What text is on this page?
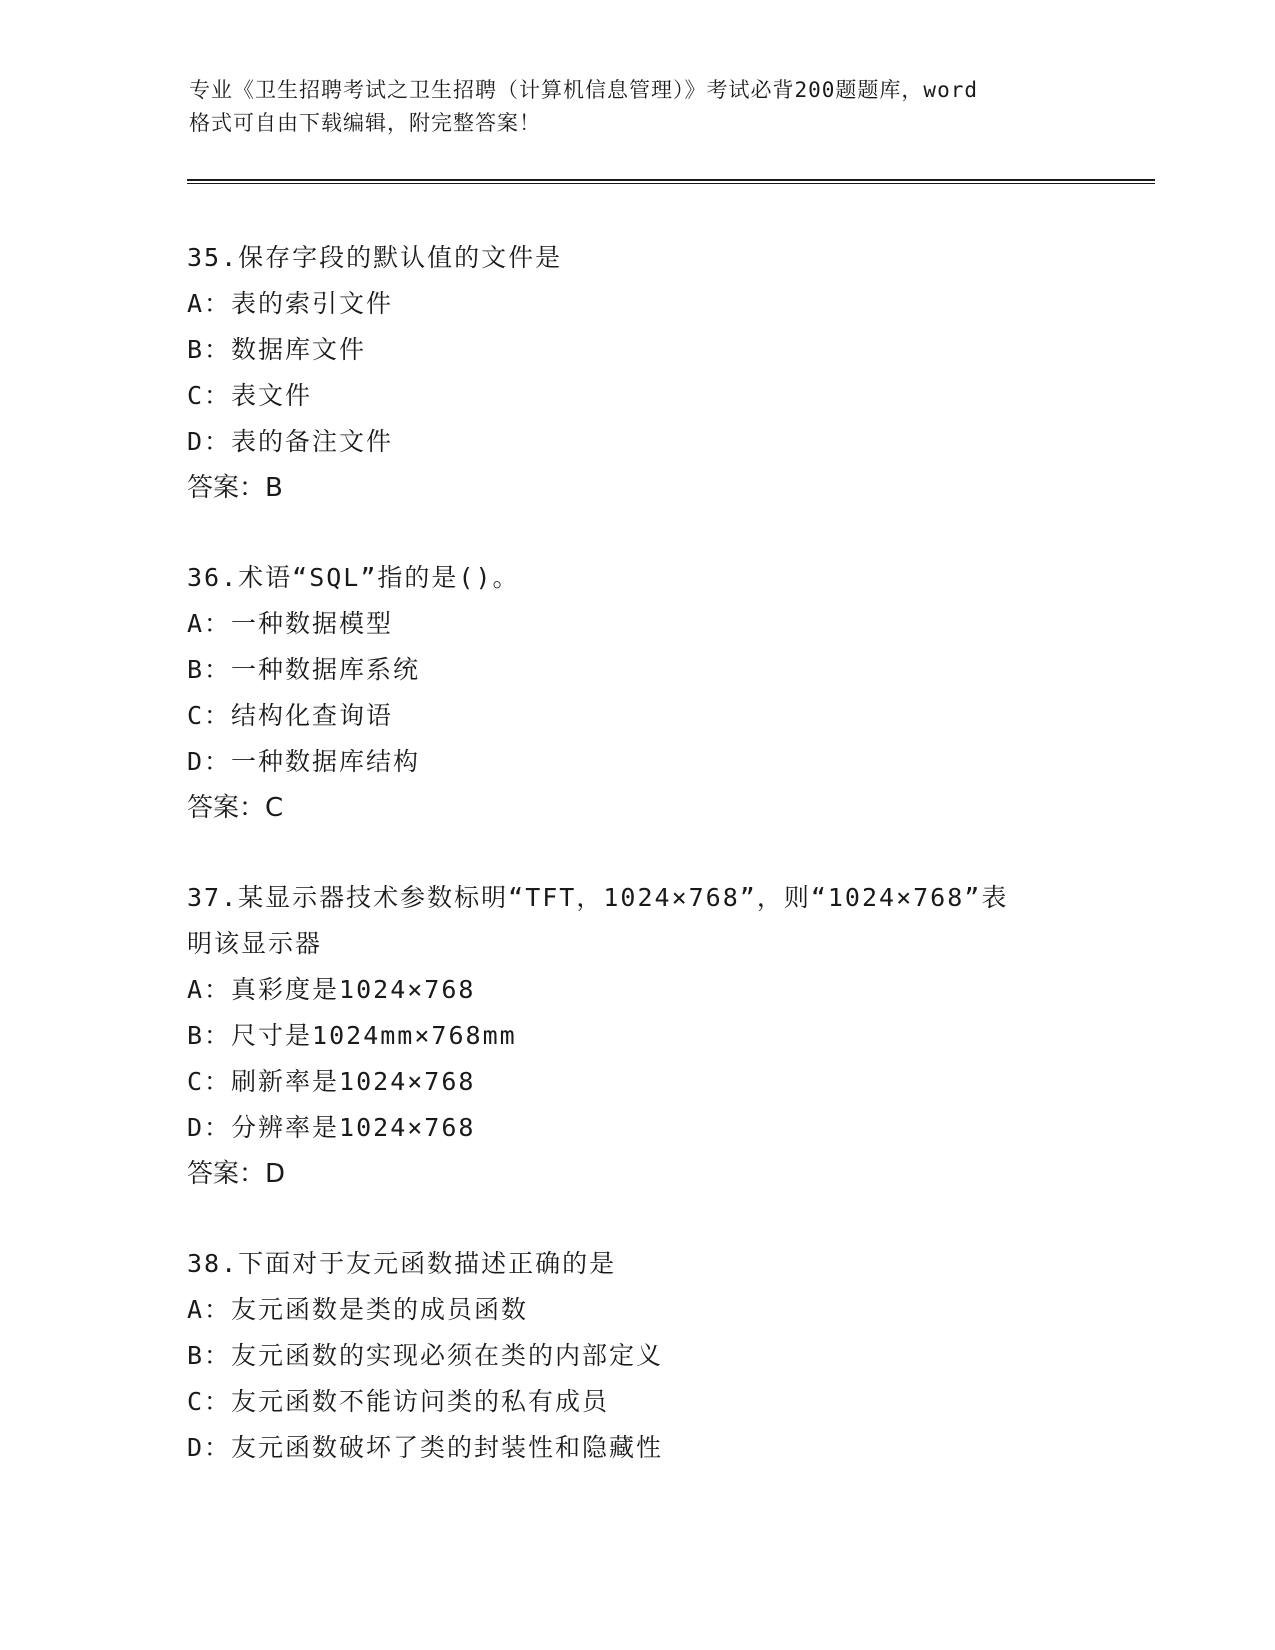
专业《卫生招聘考试之卫生招聘（计算机信息管理）》考试必背200题题库，word
格式可自由下载编辑，附完整答案！
35.保存字段的默认值的文件是
A：表的索引文件
B：数据库文件
C：表文件
D：表的备注文件
答案：B
36.术语“SQL”指的是()。
A：一种数据模型
B：一种数据库系统
C：结构化查询语
D：一种数据库结构
答案：C
37.某显示器技术参数标明“TFT，1024×768”，则“1024×768”表
明该显示器
A：真彩度是1024×768
B：尺寸是1024mm×768mm
C：刷新率是1024×768
D：分辨率是1024×768
答案：D
38.下面对于友元函数描述正确的是
A：友元函数是类的成员函数
B：友元函数的实现必须在类的内部定义
C：友元函数不能访问类的私有成员
D：友元函数破坏了类的封装性和隐藏性
